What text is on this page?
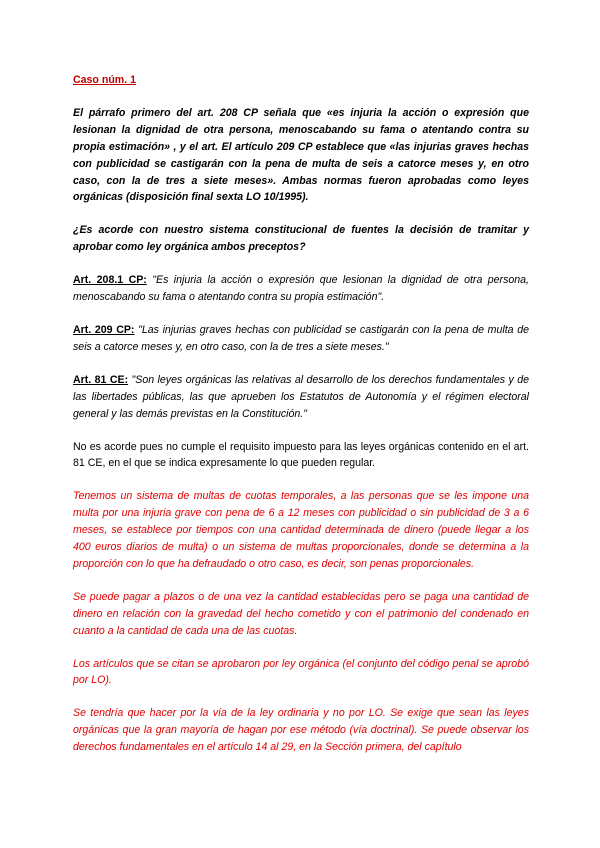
Caso núm. 1

El párrafo primero del art. 208 CP señala que «es injuria la acción o expresión que lesionan la dignidad de otra persona, menoscabando su fama o atentando contra su propia estimación» , y el art. El artículo 209 CP establece que «las injurias graves hechas con publicidad se castigarán con la pena de multa de seis a catorce meses y, en otro caso, con la de tres a siete meses». Ambas normas fueron aprobadas como leyes orgánicas (disposición final sexta LO 10/1995).

¿Es acorde con nuestro sistema constitucional de fuentes la decisión de tramitar y aprobar como ley orgánica ambos preceptos?

Art. 208.1 CP: "Es injuria la acción o expresión que lesionan la dignidad de otra persona, menoscabando su fama o atentando contra su propia estimación".

Art. 209 CP: "Las injurias graves hechas con publicidad se castigarán con la pena de multa de seis a catorce meses y, en otro caso, con la de tres a siete meses."

Art. 81 CE: "Son leyes orgánicas las relativas al desarrollo de los derechos fundamentales y de las libertades públicas, las que aprueben los Estatutos de Autonomía y el régimen electoral general y las demás previstas en la Constitución."

No es acorde pues no cumple el requisito impuesto para las leyes orgánicas contenido en el art. 81 CE, en el que se indica expresamente lo que pueden regular.

Tenemos un sistema de multas de cuotas temporales, a las personas que se les impone una multa por una injuria grave con pena de 6 a 12 meses con publicidad o sin publicidad de 3 a 6 meses, se establece por tiempos con una cantidad determinada de dinero (puede llegar a los 400 euros diarios de multa) o un sistema de multas proporcionales, donde se determina a la proporción con lo que ha defraudado o otro caso, es decir, son penas proporcionales.

Se puede pagar a plazos o de una vez la cantidad establecidas pero se paga una cantidad de dinero en relación con la gravedad del hecho cometido y con el patrimonio del condenado en cuanto a la cantidad de cada una de las cuotas.

Los artículos que se citan se aprobaron por ley orgánica (el conjunto del código penal se aprobó por LO).

Se tendría que hacer por la vía de la ley ordinaria y no por LO. Se exige que sean las leyes orgánicas que la gran mayoría de hagan por ese método (vía doctrinal). Se puede observar los derechos fundamentales en el artículo 14 al 29, en la Sección primera, del capítulo
